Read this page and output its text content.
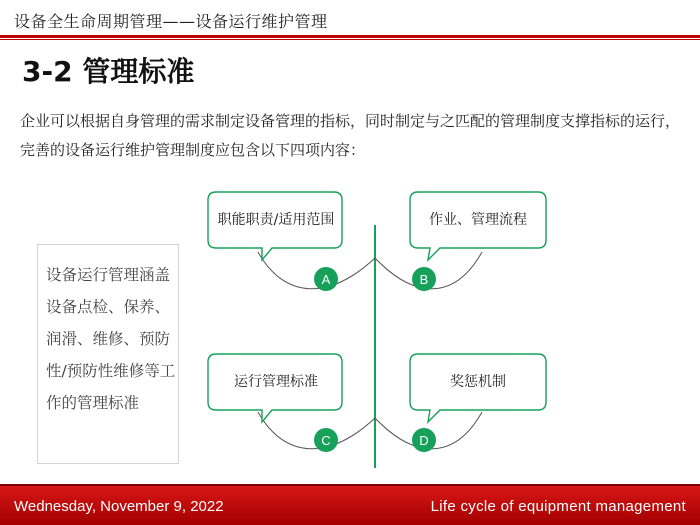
设备全生命周期管理——设备运行维护管理
3-2 管理标准
企业可以根据自身管理的需求制定设备管理的指标，同时制定与之匹配的管理制度支撑指标的运行，完善的设备运行维护管理制度应包含以下四项内容：
设备运行管理涵盖设备点检、保养、润滑、维修、预防性/预防性维修等工作的管理标准
职能职责/适用范围	作业、管理流程
运行管理标准	奖惩机制
A	B
C	D
Wednesday, November 9, 2022	Life cycle of equipment management
